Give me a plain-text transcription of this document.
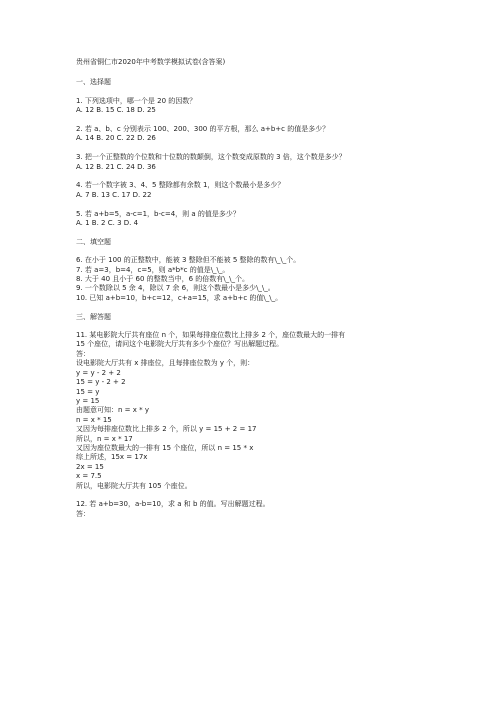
贵州省铜仁市2020年中考数学模拟试卷(含答案)
一、选择题
1. 下列选项中，哪一个是 20 的因数？
A. 12 B. 15 C. 18 D. 25
2. 若 a、b、c 分别表示 100、200、300 的平方根，那么 a+b+c 的值是多少？
A. 14 B. 20 C. 22 D. 26
3. 把一个正整数的个位数和十位数的数颠倒，这个数变成原数的 3 倍，这个数是多少？
A. 12 B. 21 C. 24 D. 36
4. 若一个数字被 3、4、5 整除都有余数 1，则这个数最小是多少？
A. 7 B. 13 C. 17 D. 22
5. 若 a+b=5，a-c=1，b-c=4，则 a 的值是多少？
A. 1 B. 2 C. 3 D. 4
二、填空题
6. 在小于 100 的正整数中，能被 3 整除但不能被 5 整除的数有\_\_个。
7. 若 a=3，b=4，c=5，则 a*b*c 的值是\_\_。
8. 大于 40 且小于 60 的整数当中，6 的倍数有\_\_个。
9. 一个数除以 5 余 4，除以 7 余 6，则这个数最小是多少\_\_。
10. 已知 a+b=10，b+c=12，c+a=15，求 a+b+c 的值\_\_。
三、解答题
11. 某电影院大厅共有座位 n 个，如果每排座位数比上排多 2 个，座位数最大的一排有
15 个座位，请问这个电影院大厅共有多少个座位？写出解题过程。
答：
设电影院大厅共有 x 排座位，且每排座位数为 y 个，则：
y = y - 2 + 2
15 = y - 2 + 2
15 = y
y = 15
由题意可知：n = x * y
n = x * 15
又因为每排座位数比上排多 2 个，所以 y = 15 + 2 = 17
所以，n = x * 17
又因为座位数最大的一排有 15 个座位，所以 n = 15 * x
综上所述，15x = 17x
2x = 15
x = 7.5
所以，电影院大厅共有 105 个座位。
12. 若 a+b=30，a-b=10，求 a 和 b 的值。写出解题过程。
答：
